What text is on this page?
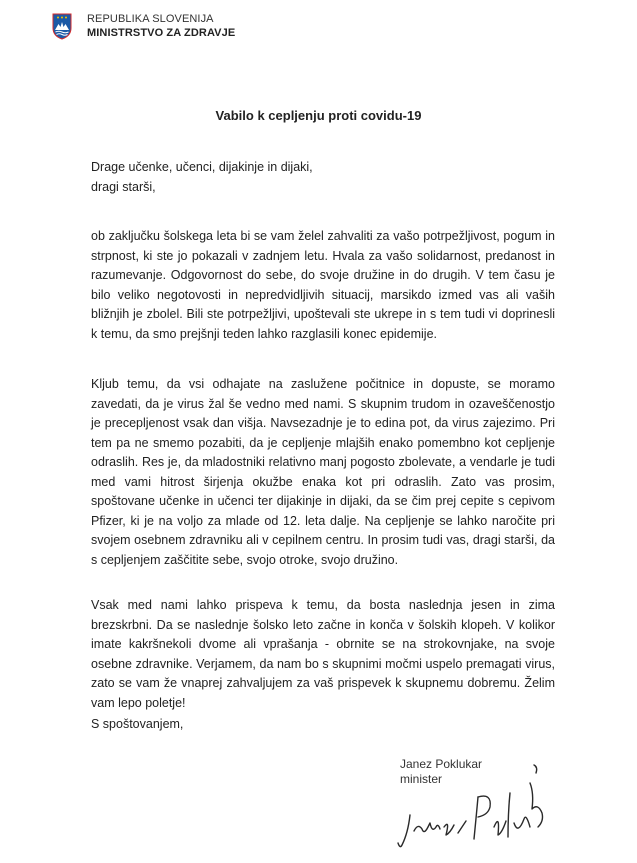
REPUBLIKA SLOVENIJA
MINISTRSTVO ZA ZDRAVJE
Vabilo k cepljenju proti covidu-19
Drage učenke, učenci, dijakinje in dijaki,
dragi starši,
ob zaključku šolskega leta bi se vam želel zahvaliti za vašo potrpežljivost, pogum in strpnost, ki ste jo pokazali v zadnjem letu. Hvala za vašo solidarnost, predanost in razumevanje. Odgovornost do sebe, do svoje družine in do drugih. V tem času je bilo veliko negotovosti in nepredvidljivih situacij, marsikdo izmed vas ali vaših bližnjih je zbolel. Bili ste potrpežljivi, upoštevali ste ukrepe in s tem tudi vi doprinesli k temu, da smo prejšnji teden lahko razglasili konec epidemije.
Kljub temu, da vsi odhajate na zaslužene počitnice in dopuste, se moramo zavedati, da je virus žal še vedno med nami. S skupnim trudom in ozaveščenostjo je precepljenost vsak dan višja. Navsezadnje je to edina pot, da virus zajezimo. Pri tem pa ne smemo pozabiti, da je cepljenje mlajših enako pomembno kot cepljenje odraslih. Res je, da mladostniki relativno manj pogosto zbolevate, a vendarle je tudi med vami hitrost širjenja okužbe enaka kot pri odraslih. Zato vas prosim, spoštovane učenke in učenci ter dijakinje in dijaki, da se čim prej cepite s cepivom Pfizer, ki je na voljo za mlade od 12. leta dalje. Na cepljenje se lahko naročite pri svojem osebnem zdravniku ali v cepilnem centru. In prosim tudi vas, dragi starši, da s cepljenjem zaščitite sebe, svojo otroke, svojo družino.
Vsak med nami lahko prispeva k temu, da bosta naslednja jesen in zima brezskrbni. Da se naslednje šolsko leto začne in konča v šolskih klopeh. V kolikor imate kakršnekoli dvome ali vprašanja - obrnite se na strokovnjake, na svoje osebne zdravnike. Verjamem, da nam bo s skupnimi močmi uspelo premagati virus, zato se vam že vnaprej zahvaljujem za vaš prispevek k skupnemu dobremu. Želim vam lepo poletje!
S spoštovanjem,
Janez Poklukar
minister
